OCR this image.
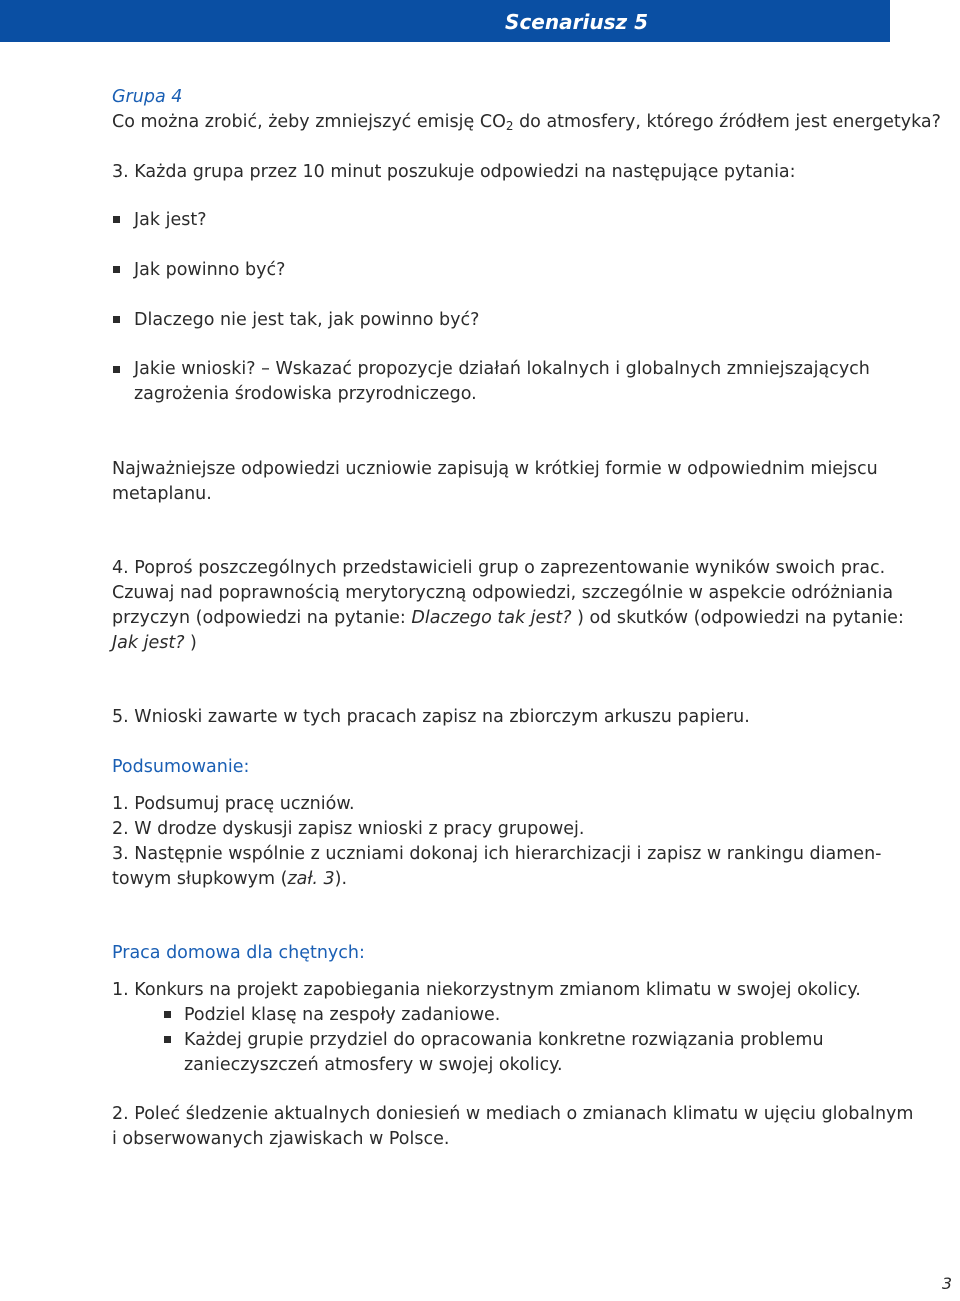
Scenariusz 5
Grupa 4
Co można zrobić, żeby zmniejszyć emisję $CO_2$ do atmosfery, którego źródłem jest energetyka?
3. Każda grupa przez 10 minut poszukuje odpowiedzi na następujące pytania:
Jak jest?
Jak powinno być?
Dlaczego nie jest tak, jak powinno być?
Jakie wnioski? – Wskazać propozycje działań lokalnych i globalnych zmniejszających
zagrożenia środowiska przyrodniczego.
Najważniejsze odpowiedzi uczniowie zapisują w krótkiej formie w odpowiednim miejscu
metaplanu.
4. Poproś poszczególnych przedstawicieli grup o zaprezentowanie wyników swoich prac.
Czuwaj nad poprawnością merytoryczną odpowiedzi, szczególnie w aspekcie odróżniania
przyczyn (odpowiedzi na pytanie: Dlaczego tak jest? ) od skutków (odpowiedzi na pytanie:
Jak jest? )
5. Wnioski zawarte w tych pracach zapisz na zbiorczym arkuszu papieru.
Podsumowanie:
1. Podsumuj pracę uczniów.
2. W drodze dyskusji zapisz wnioski z pracy grupowej.
3. Następnie wspólnie z uczniami dokonaj ich hierarchizacji i zapisz w rankingu diamen-
towym słupkowym (zał. 3).
Praca domowa dla chętnych:
1. Konkurs na projekt zapobiegania niekorzystnym zmianom klimatu w swojej okolicy.
Podziel klasę na zespoły zadaniowe.
Każdej grupie przydziel do opracowania konkretne rozwiązania problemu
zanieczyszczeń atmosfery w swojej okolicy.
2. Poleć śledzenie aktualnych doniesień w mediach o zmianach klimatu w ujęciu globalnym
i obserwowanych zjawiskach w Polsce.
3
